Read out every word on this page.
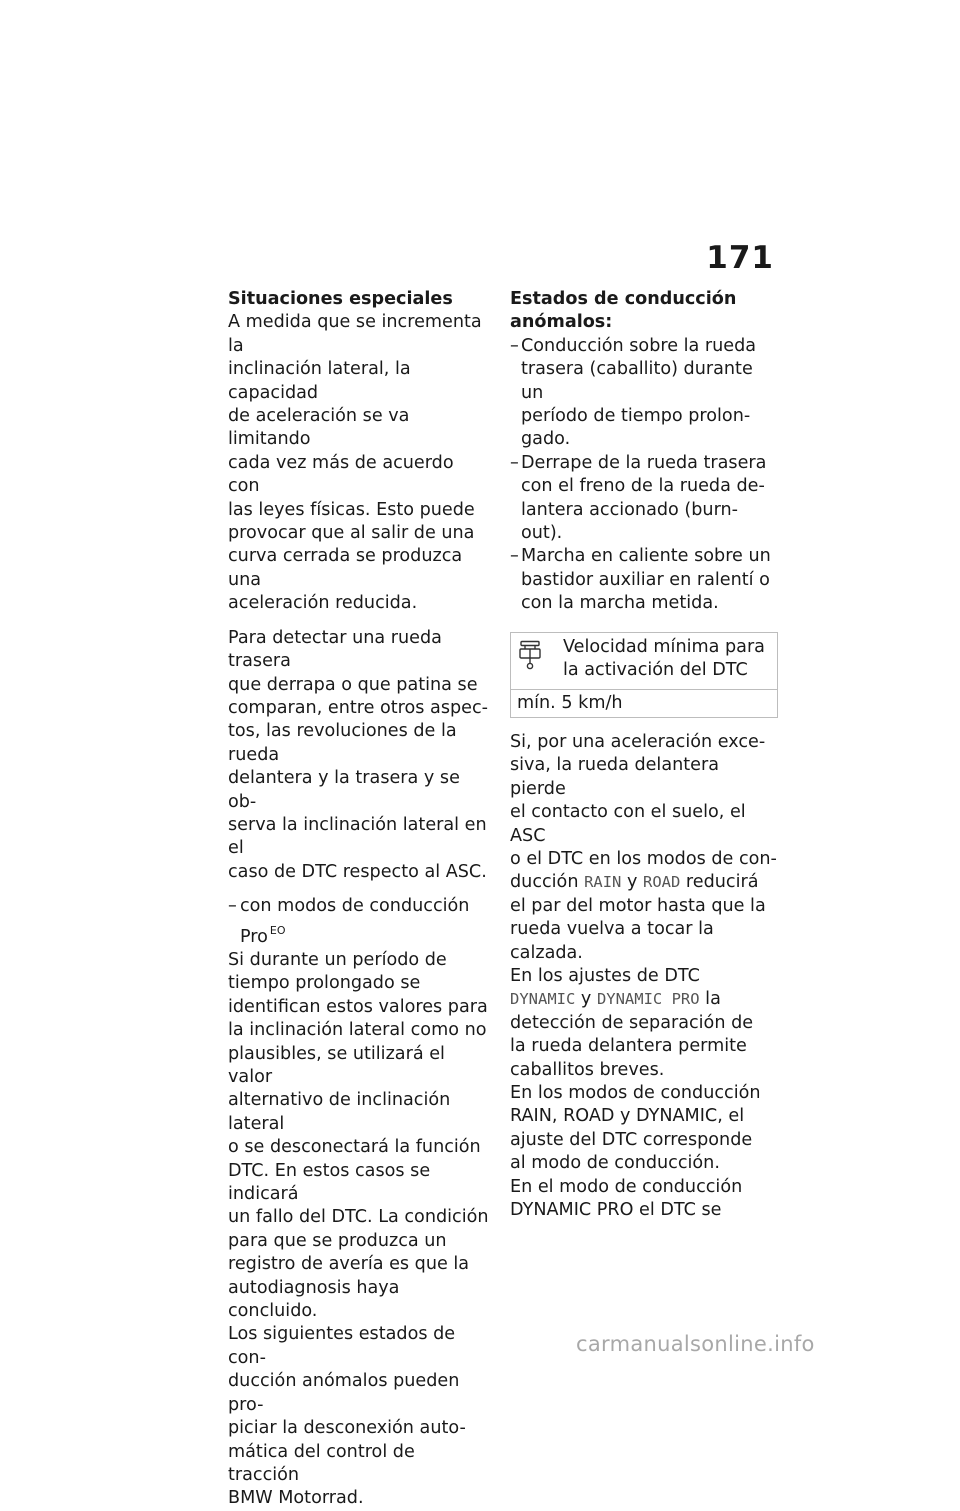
171

Situaciones especiales

A medida que se incrementa la
inclinación lateral, la capacidad
de aceleración se va limitando
cada vez más de acuerdo con
las leyes físicas. Esto puede
provocar que al salir de una
curva cerrada se produzca una
aceleración reducida.
Para detectar una rueda trasera
que derrapa o que patina se
comparan, entre otros aspec-
tos, las revoluciones de la rueda
delantera y la trasera y se ob-
serva la inclinación lateral en el
caso de DTC respecto al ASC.
– con modos de conducción
Pro $^{EO}$
Si durante un período de
tiempo prolongado se
identifican estos valores para
la inclinación lateral como no
plausibles, se utilizará el valor
alternativo de inclinación lateral
o se desconectará la función
DTC. En estos casos se indicará
un fallo del DTC. La condición
para que se produzca un
registro de avería es que la
autodiagnosis haya concluido.
Los siguientes estados de con-
ducción anómalos pueden pro-
piciar la desconexión auto-
mática del control de tracción
BMW Motorrad.
Estados de conducción
anómalos:
– Conducción sobre la rueda
trasera (caballito) durante un
período de tiempo prolon-
gado.
– Derrape de la rueda trasera
con el freno de la rueda de-
lantera accionado (burn-out).
– Marcha en caliente sobre un
bastidor auxiliar en ralentí o
con la marcha metida.
Velocidad mínima para
la activación del DTC
mín. 5 km/h
Si, por una aceleración exce-
siva, la rueda delantera pierde
el contacto con el suelo, el ASC
o el DTC en los modos de con-
ducción RAIN y ROAD reducirá
el par del motor hasta que la
rueda vuelva a tocar la calzada.
En los ajustes de DTC
DYNAMIC y DYNAMIC PRO la
detección de separación de
la rueda delantera permite
caballitos breves.
En los modos de conducción
RAIN, ROAD y DYNAMIC, el
ajuste del DTC corresponde
al modo de conducción.
En el modo de conducción
DYNAMIC PRO el DTC se
carmanualsonline.info
